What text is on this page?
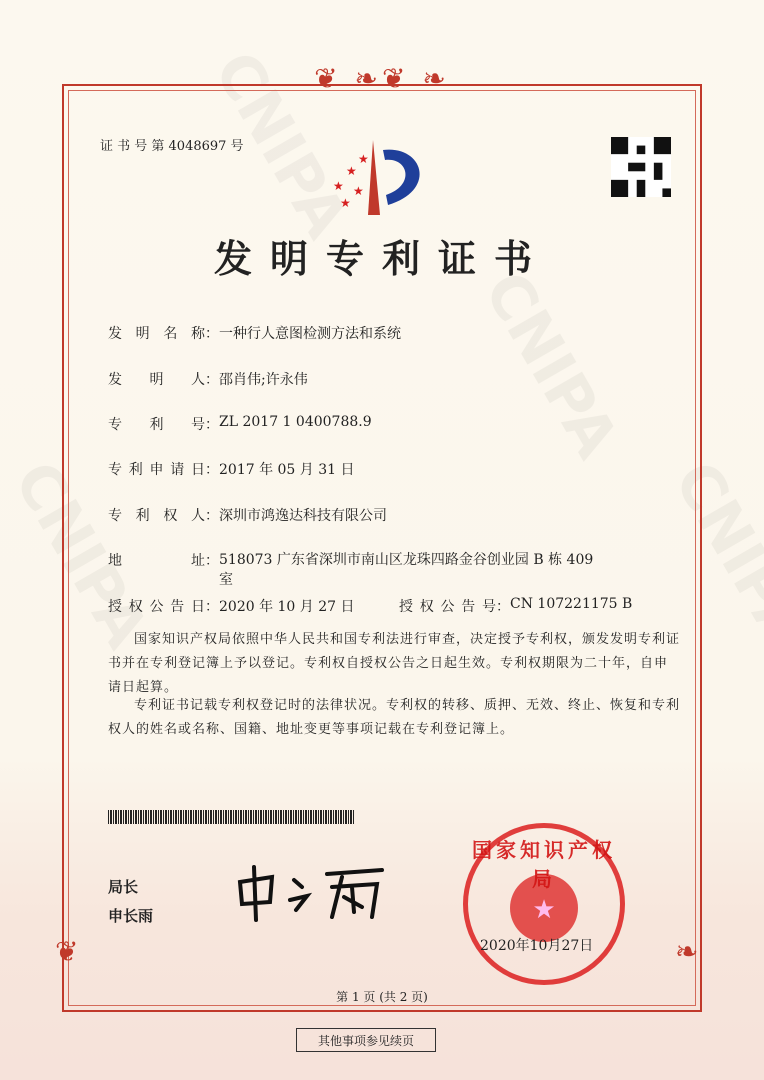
❦ ❧❦ ❧
❦	❧
证 书 号 第 4048697 号
★
★
★
★
★
发明专利证书
发 明 名 称 ： 一种行人意图检测方法和系统
发 明 人 ： 邵肖伟;许永伟
专 利 号 ： ZL 2017 1 0400788.9
专 利 申 请 日 ： 2017 年 05 月 31 日
专 利 权 人 ： 深圳市鸿逸达科技有限公司
地	址 ： 518073 广东省深圳市南山区龙珠四路金谷创业园 B 栋 409 室
授 权 公 告 日 ： 2020 年 10 月 27 日	授 权 公 告 号 ： CN 107221175 B
国家知识产权局依照中华人民共和国专利法进行审查，决定授予专利权，颁发发明专利证书并在专利登记簿上予以登记。专利权自授权公告之日起生效。专利权期限为二十年，自申请日起算。
专利证书记载专利权登记时的法律状况。专利权的转移、质押、无效、终止、恢复和专利权人的姓名或名称、国籍、地址变更等事项记载在专利登记簿上。
局长
申长雨	★
国家知识产权局
2020年10月27日
第 1 页 (共 2 页)
其他事项参见续页
